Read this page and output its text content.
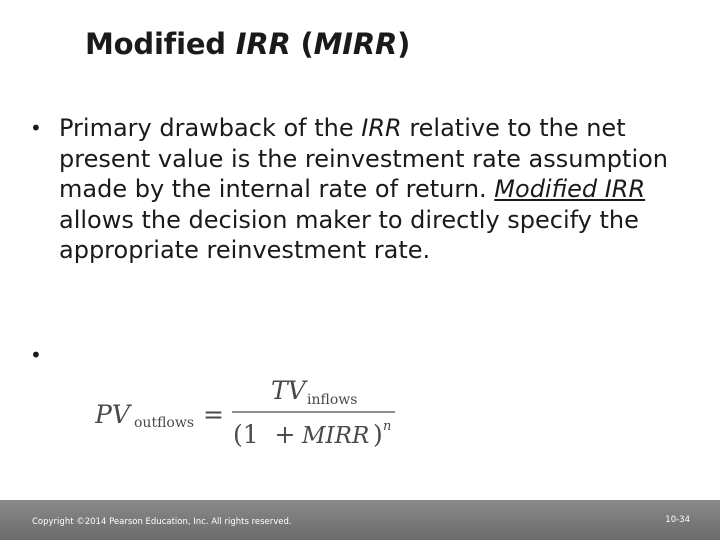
Modified IRR (MIRR)
• Primary drawback of the IRR relative to the net present value is the reinvestment rate assumption made by the internal rate of return. Modified IRR allows the decision maker to directly specify the appropriate reinvestment rate.
•
PV outflows =
TV inflows
(1  +
MIRR ) n
Copyright ©2014 Pearson Education, Inc. All rights reserved.	10-34
